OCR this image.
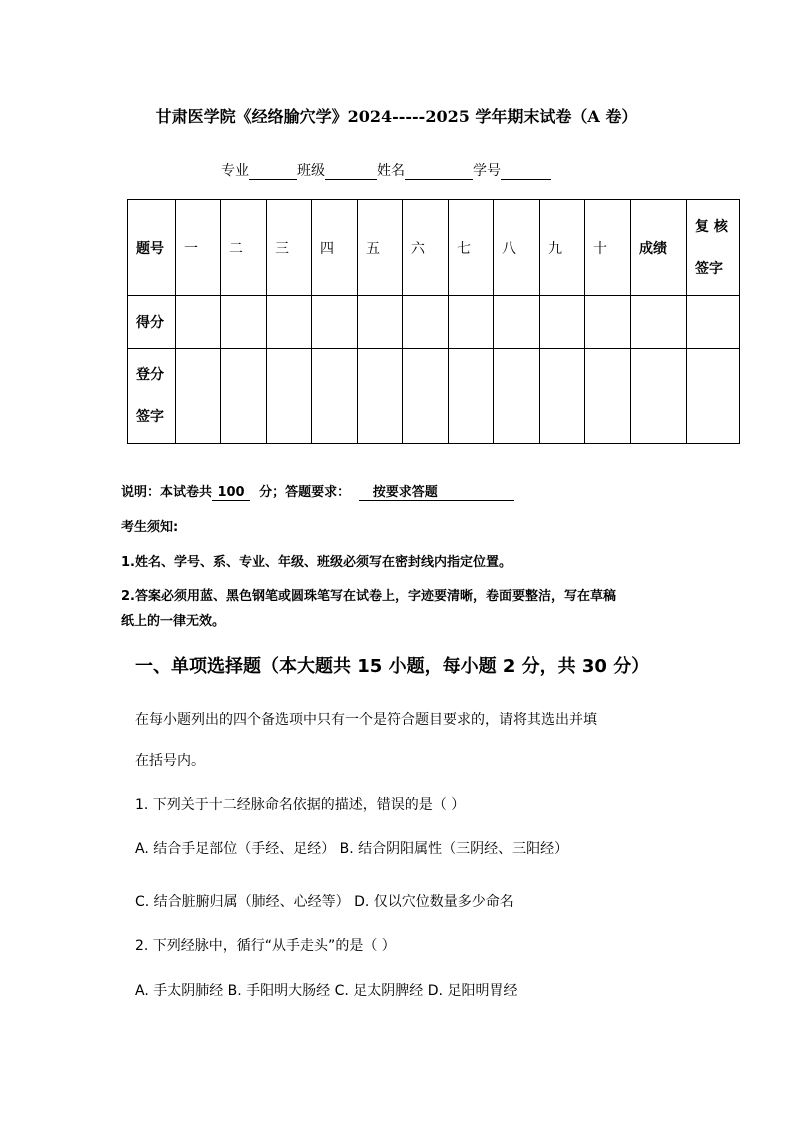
甘肃医学院《经络腧穴学》2024-----2025 学年期末试卷（A 卷）
专业	班级	姓名	学号
题号	一	二	三	四	五	六	七	八	九	十	成绩	复 核
签字

得分												

登分
签字												

说明：本试卷共 100 分；答题要求： 按要求答题
考生须知:
1.姓名、学号、系、专业、年级、班级必须写在密封线内指定位置。
2.答案必须用蓝、黑色钢笔或圆珠笔写在试卷上，字迹要清晰，卷面要整洁，写在草稿
纸上的一律无效。
一、单项选择题（本大题共 15 小题，每小题 2 分，共 30 分）
在每小题列出的四个备选项中只有一个是符合题目要求的，请将其选出并填
在括号内。
1. 下列关于十二经脉命名依据的描述，错误的是（ ）
A. 结合手足部位（手经、足经） B. 结合阴阳属性（三阴经、三阳经）
C. 结合脏腑归属（肺经、心经等） D. 仅以穴位数量多少命名
2. 下列经脉中，循行“从手走头”的是（ ）
A. 手太阴肺经 B. 手阳明大肠经 C. 足太阴脾经 D. 足阳明胃经
